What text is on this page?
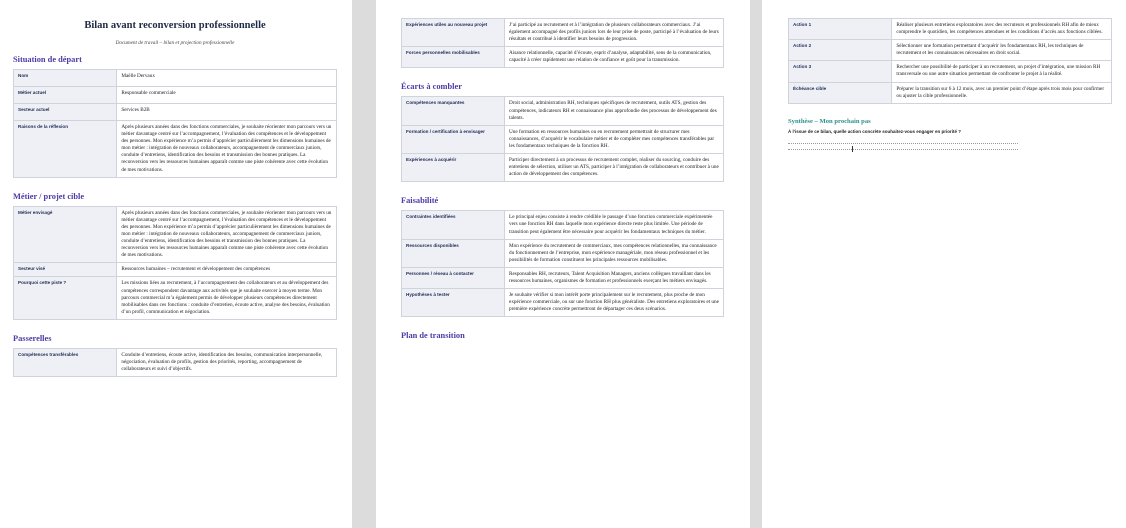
Bilan avant reconversion professionnelle
Document de travail – bilan et projection professionnelle
Situation de départ
Nom	Maëlle Dervaux
Métier actuel	Responsable commerciale
Secteur actuel	Services B2B
Raisons de la réflexion	Après plusieurs années dans des fonctions commerciales, je souhaite réorienter mon parcours vers un métier davantage centré sur l’accompagnement, l’évaluation des compétences et le développement des personnes. Mon expérience m’a permis d’apprécier particulièrement les dimensions humaines de mon métier : intégration de nouveaux collaborateurs, accompagnement de commerciaux juniors, conduite d’entretiens, identification des besoins et transmission des bonnes pratiques. La reconversion vers les ressources humaines apparaît comme une piste cohérente avec cette évolution de mes motivations.
Métier / projet cible
Métier envisagé	Après plusieurs années dans des fonctions commerciales, je souhaite réorienter mon parcours vers un métier davantage centré sur l’accompagnement, l’évaluation des compétences et le développement des personnes. Mon expérience m’a permis d’apprécier particulièrement les dimensions humaines de mon métier : intégration de nouveaux collaborateurs, accompagnement de commerciaux juniors, conduite d’entretiens, identification des besoins et transmission des bonnes pratiques. La reconversion vers les ressources humaines apparaît comme une piste cohérente avec cette évolution de mes motivations.
Secteur visé	Ressources humaines – recrutement et développement des compétences
Pourquoi cette piste ?	Les missions liées au recrutement, à l’accompagnement des collaborateurs et au développement des compétences correspondent davantage aux activités que je souhaite exercer à moyen terme. Mon parcours commercial m’a également permis de développer plusieurs compétences directement mobilisables dans ces fonctions : conduite d’entretien, écoute active, analyse des besoins, évaluation d’un profil, communication et négociation.
Passerelles
Compétences transférables	Conduite d’entretiens, écoute active, identification des besoins, communication interpersonnelle, négociation, évaluation de profils, gestion des priorités, reporting, accompagnement de collaborateurs et suivi d’objectifs.
Expériences utiles au nouveau projet	J’ai participé au recrutement et à l’intégration de plusieurs collaborateurs commerciaux. J’ai également accompagné des profils juniors lors de leur prise de poste, participé à l’évaluation de leurs résultats et contribué à identifier leurs besoins de progression.
Forces personnelles mobilisables	Aisance relationnelle, capacité d’écoute, esprit d’analyse, adaptabilité, sens de la communication, capacité à créer rapidement une relation de confiance et goût pour la transmission.
Écarts à combler
Compétences manquantes	Droit social, administration RH, techniques spécifiques de recrutement, outils ATS, gestion des compétences, indicateurs RH et connaissance plus approfondie des processus de développement des talents.
Formation / certification à envisager	Une formation en ressources humaines ou en recrutement permettrait de structurer mes connaissances, d’acquérir le vocabulaire métier et de compléter mes compétences transférables par les fondamentaux techniques de la fonction RH.
Expériences à acquérir	Participer directement à un processus de recrutement complet, réaliser du sourcing, conduire des entretiens de sélection, utiliser un ATS, participer à l’intégration de collaborateurs et contribuer à une action de développement des compétences.
Faisabilité
Contraintes identifiées	Le principal enjeu consiste à rendre crédible le passage d’une fonction commerciale expérimentée vers une fonction RH dans laquelle mon expérience directe reste plus limitée. Une période de transition peut également être nécessaire pour acquérir les fondamentaux techniques du métier.
Ressources disponibles	Mon expérience du recrutement de commerciaux, mes compétences relationnelles, ma connaissance du fonctionnement de l’entreprise, mon expérience managériale, mon réseau professionnel et les possibilités de formation constituent les principales ressources mobilisables.
Personnes / réseau à contacter	Responsables RH, recruteurs, Talent Acquisition Managers, anciens collègues travaillant dans les ressources humaines, organismes de formation et professionnels exerçant les métiers envisagés.
Hypothèses à tester	Je souhaite vérifier si mon intérêt porte principalement sur le recrutement, plus proche de mon expérience commerciale, ou sur une fonction RH plus généraliste. Des entretiens exploratoires et une première expérience concrète permettront de départager ces deux scénarios.
Plan de transition
Action 1	Réaliser plusieurs entretiens exploratoires avec des recruteurs et professionnels RH afin de mieux comprendre le quotidien, les compétences attendues et les conditions d’accès aux fonctions ciblées.
Action 2	Sélectionner une formation permettant d’acquérir les fondamentaux RH, les techniques de recrutement et les connaissances nécessaires en droit social.
Action 3	Rechercher une possibilité de participer à un recrutement, un projet d’intégration, une mission RH transversale ou une autre situation permettant de confronter le projet à la réalité.
Échéance cible	Préparer la transition sur 6 à 12 mois, avec un premier point d’étape après trois mois pour confirmer ou ajuster la cible professionnelle.
Synthèse – Mon prochain pas
À l’issue de ce bilan, quelle action concrète souhaitez-vous engager en priorité ?
